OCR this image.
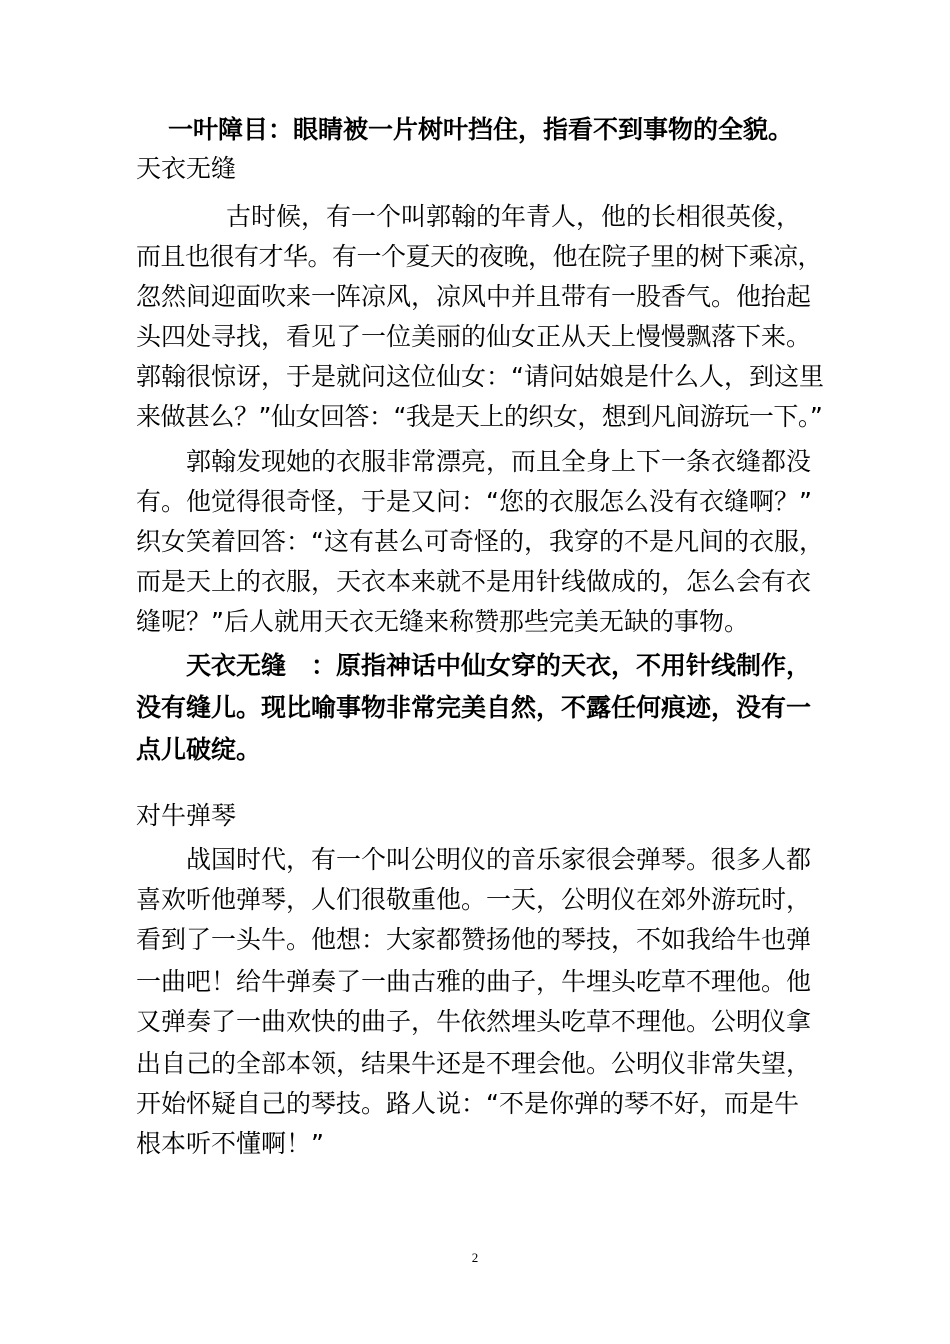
一叶障目：眼睛被一片树叶挡住，指看不到事物的全貌。
天衣无缝
古时候，有一个叫郭翰的年青人，他的长相很英俊，
而且也很有才华。有一个夏天的夜晚，他在院子里的树下乘凉，
忽然间迎面吹来一阵凉风，凉风中并且带有一股香气。他抬起
头四处寻找，看见了一位美丽的仙女正从天上慢慢飘落下来。
郭翰很惊讶，于是就问这位仙女：“请问姑娘是什么人，到这里
来做甚么？”仙女回答：“我是天上的织女，想到凡间游玩一下。”
郭翰发现她的衣服非常漂亮，而且全身上下一条衣缝都没
有。他觉得很奇怪，于是又问：“您的衣服怎么没有衣缝啊？”
织女笑着回答：“这有甚么可奇怪的，我穿的不是凡间的衣服，
而是天上的衣服，天衣本来就不是用针线做成的，怎么会有衣
缝呢？”后人就用天衣无缝来称赞那些完美无缺的事物。
天衣无缝　：原指神话中仙女穿的天衣，不用针线制作，
没有缝儿。现比喻事物非常完美自然，不露任何痕迹，没有一
点儿破绽。
对牛弹琴
战国时代，有一个叫公明仪的音乐家很会弹琴。很多人都
喜欢听他弹琴，人们很敬重他。一天，公明仪在郊外游玩时，
看到了一头牛。他想：大家都赞扬他的琴技，不如我给牛也弹
一曲吧！给牛弹奏了一曲古雅的曲子，牛埋头吃草不理他。他
又弹奏了一曲欢快的曲子，牛依然埋头吃草不理他。公明仪拿
出自己的全部本领，结果牛还是不理会他。公明仪非常失望，
开始怀疑自己的琴技。路人说：“不是你弹的琴不好，而是牛
根本听不懂啊！”
2
